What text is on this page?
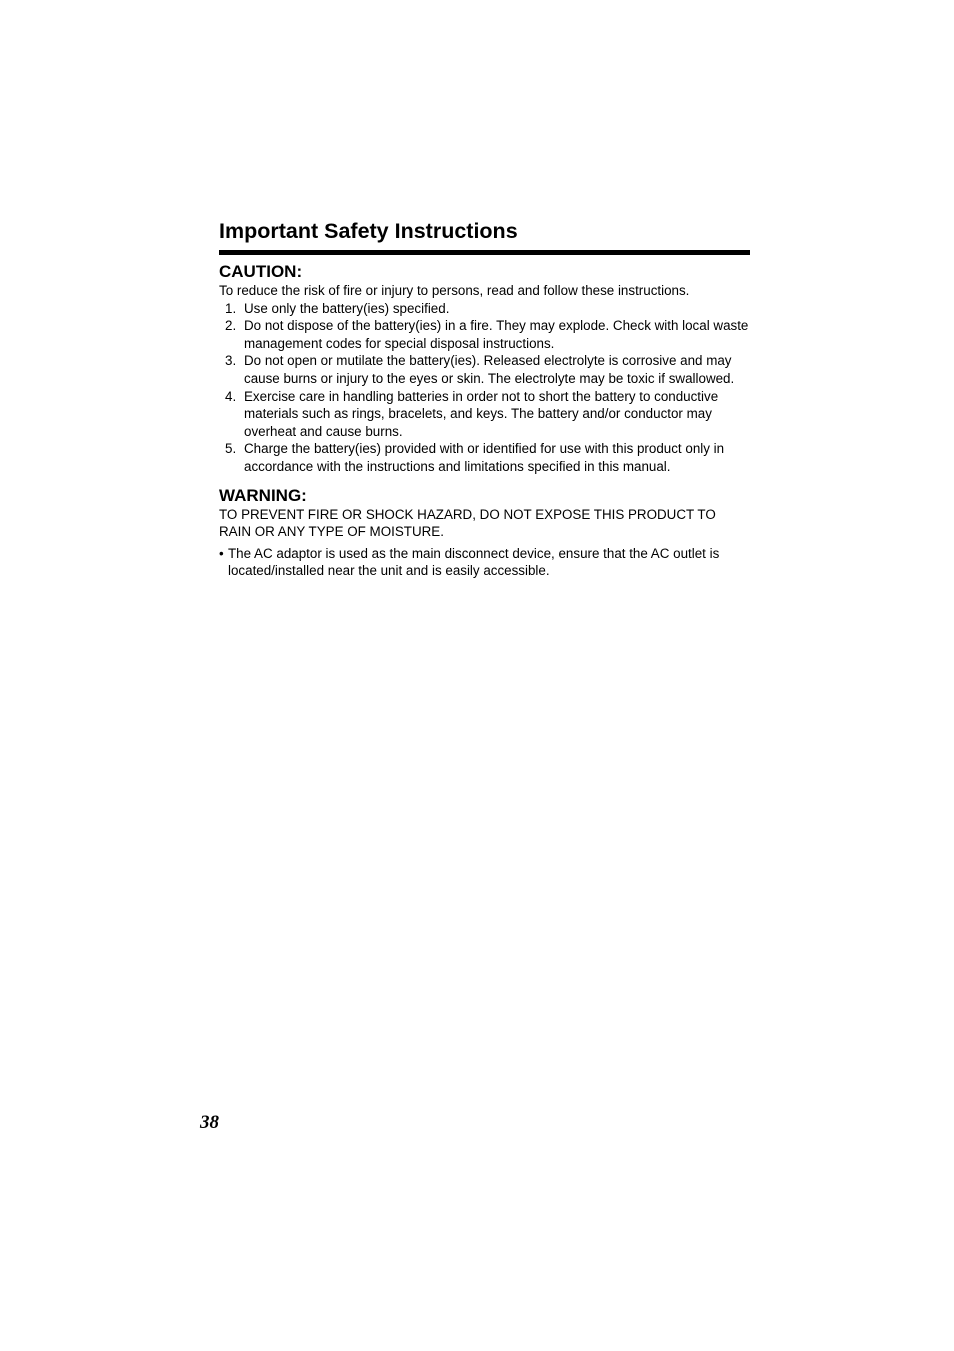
Important Safety Instructions
CAUTION:

To reduce the risk of fire or injury to persons, read and follow these instructions.

1. Use only the battery(ies) specified.
2. Do not dispose of the battery(ies) in a fire. They may explode. Check with local waste management codes for special disposal instructions.
3. Do not open or mutilate the battery(ies). Released electrolyte is corrosive and may cause burns or injury to the eyes or skin. The electrolyte may be toxic if swallowed.
4. Exercise care in handling batteries in order not to short the battery to conductive materials such as rings, bracelets, and keys. The battery and/or conductor may overheat and cause burns.
5. Charge the battery(ies) provided with or identified for use with this product only in accordance with the instructions and limitations specified in this manual.
WARNING:

TO PREVENT FIRE OR SHOCK HAZARD, DO NOT EXPOSE THIS PRODUCT TO RAIN OR ANY TYPE OF MOISTURE.

• The AC adaptor is used as the main disconnect device, ensure that the AC outlet is located/installed near the unit and is easily accessible.
38
